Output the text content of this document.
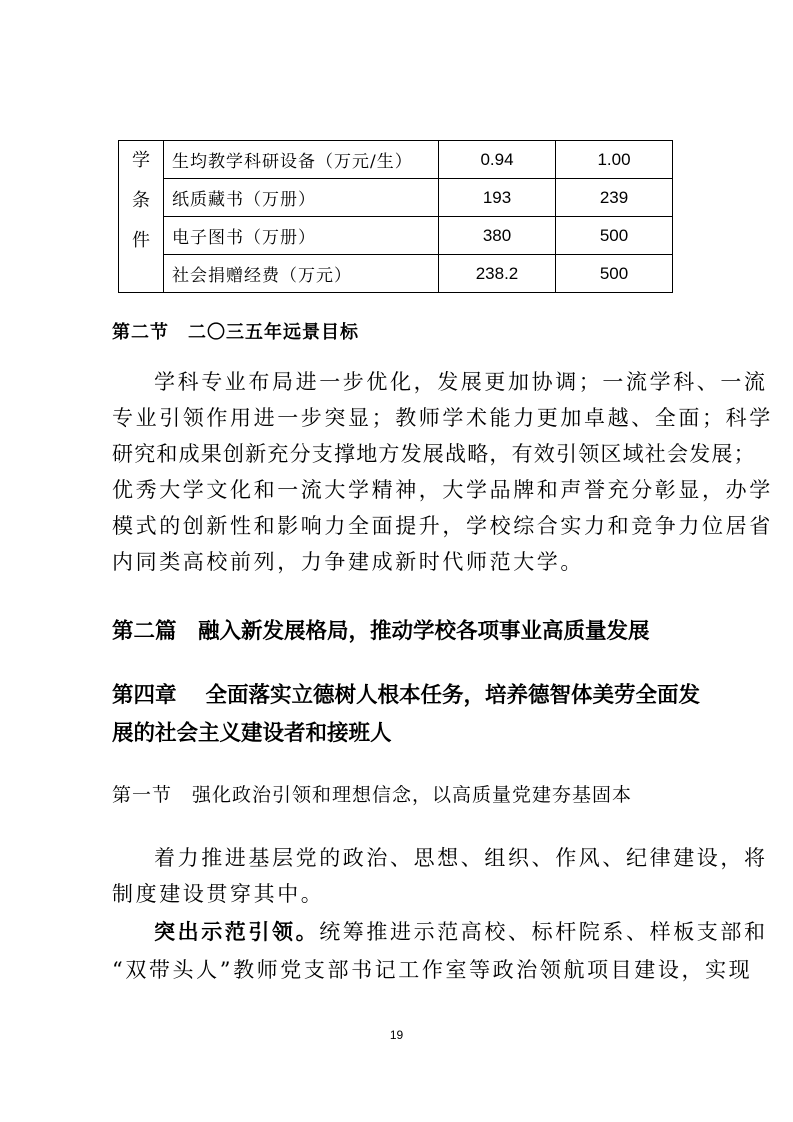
学
条
件	生均教学科研设备（万元/生）	0.94	1.00
	纸质藏书（万册）	193	239
	电子图书（万册）	380	500
	社会捐赠经费（万元）	238.2	500
第二节　二〇三五年远景目标
学科专业布局进一步优化，发展更加协调；一流学科、一流
专业引领作用进一步突显；教师学术能力更加卓越、全面；科学
研究和成果创新充分支撑地方发展战略，有效引领区域社会发展；
优秀大学文化和一流大学精神，大学品牌和声誉充分彰显，办学
模式的创新性和影响力全面提升，学校综合实力和竞争力位居省
内同类高校前列，力争建成新时代师范大学。
第二篇　融入新发展格局，推动学校各项事业高质量发展
第四章　 全面落实立德树人根本任务，培养德智体美劳全面发
展的社会主义建设者和接班人
第一节　强化政治引领和理想信念，以高质量党建夯基固本
着力推进基层党的政治、思想、组织、作风、纪律建设，将
制度建设贯穿其中。
突出示范引领。统筹推进示范高校、标杆院系、样板支部和
“双带头人”教师党支部书记工作室等政治领航项目建设，实现
19
